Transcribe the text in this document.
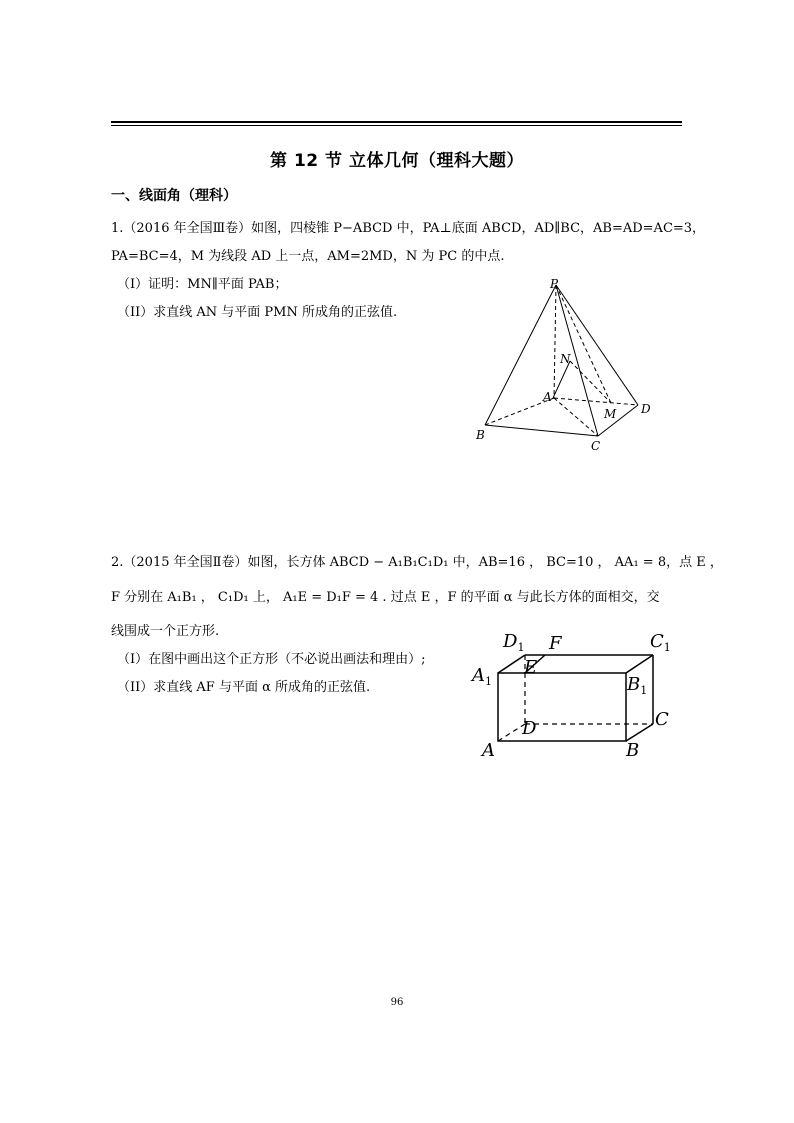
第 12 节 立体几何（理科大题）
一、线面角（理科）
1.（2016 年全国Ⅲ卷）如图，四棱锥 P−ABCD 中，PA⊥底面 ABCD，AD∥BC，AB=AD=AC=3，
PA=BC=4，M 为线段 AD 上一点，AM=2MD，N 为 PC 的中点.
（I）证明：MN∥平面 PAB；
（II）求直线 AN 与平面 PMN 所成角的正弦值.
P
N
A
M D
B
C
2.（2015 年全国Ⅱ卷）如图，长方体 ABCD − A₁B₁C₁D₁ 中，AB=16 ， BC=10 ， AA₁ = 8，点 E ，
F 分别在 A₁B₁ ， C₁D₁ 上， A₁E = D₁F = 4 . 过点 E ，F 的平面 α 与此长方体的面相交，交
线围成一个正方形.
（I）在图中画出这个正方形（不必说出画法和理由）;
（II）求直线 AF 与平面 α 所成角的正弦值.
$D_1$ F	$C_1$
E
$A_1$	$B_1$
D	C
A	B
96
